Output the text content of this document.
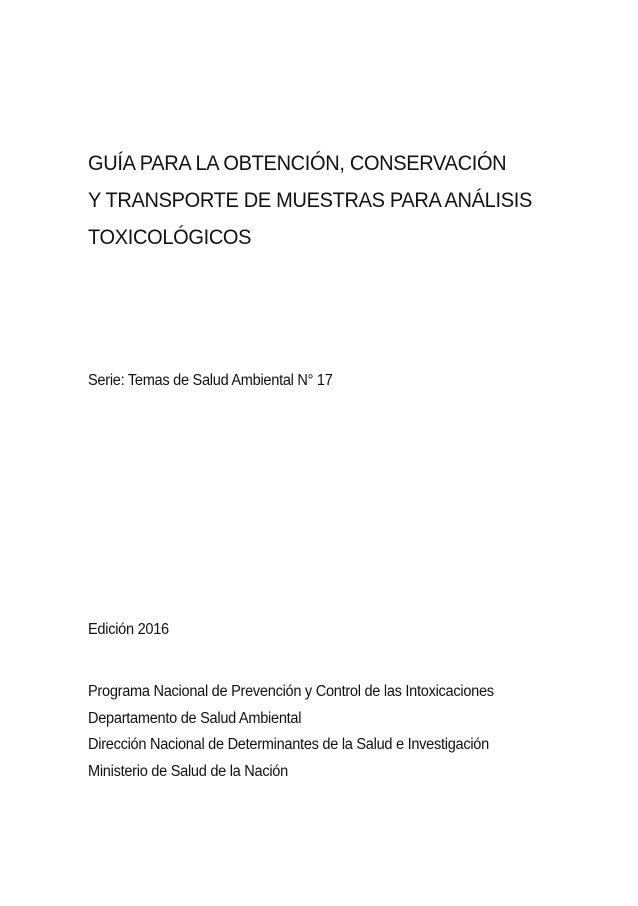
GUÍA PARA LA OBTENCIÓN, CONSERVACIÓN
Y TRANSPORTE DE MUESTRAS PARA ANÁLISIS
TOXICOLÓGICOS

Serie: Temas de Salud Ambiental N° 17

Edición 2016

Programa Nacional de Prevención y Control de las Intoxicaciones
Departamento de Salud Ambiental
Dirección Nacional de Determinantes de la Salud e Investigación
Ministerio de Salud de la Nación
